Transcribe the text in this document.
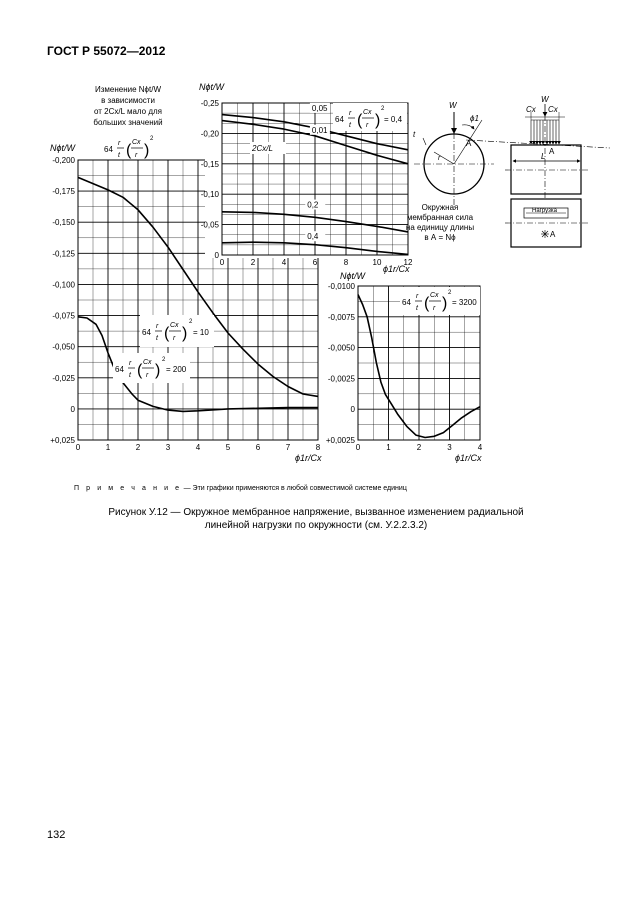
ГОСТ Р 55072—2012
0	1	2	3	4	5	6	7	8
-0,200
-0,175
-0,150
-0,125
-0,100
-0,075
-0,050
-0,025
0
+0,025
Nϕt/W
ϕ1r/Cx
64
r
t ( Cx
r )
2
= 10
64
r
t ( Cx
r )
2
= 200
Изменение Nϕt/W
в зависимости
от 2Cx/L мало для
больших значений
64
r
t ( Cx
r )
2
0	2	4	6	8	10	12
-0,25
-0,20
-0,15
-0,10
-0,05
0
0,05
0,01
0,2
0,4
Nϕt/W
ϕ1r/Cx
64
r
t ( Cx
r )
2
= 0,4
2Cx/L
0	1	2	3	4
-0,0100
-0,0075
-0,0050
-0,0025
0
+0,0025
Nϕt/W
ϕ1r/Cx
64
r
t ( Cx
r )
2
= 3200
W
ϕ1
A
t
r
W
Cx Cx
A
L
Нагрузка
A
Окружная
мембранная сила
на единицу длины
в А = Nϕ

П р и м е ч а н и е — Эти графики применяются в любой совместимой системе единиц

Рисунок У.12 — Окружное мембранное напряжение, вызванное изменением радиальной линейной нагрузки по окружности (см. У.2.2.3.2)

132
